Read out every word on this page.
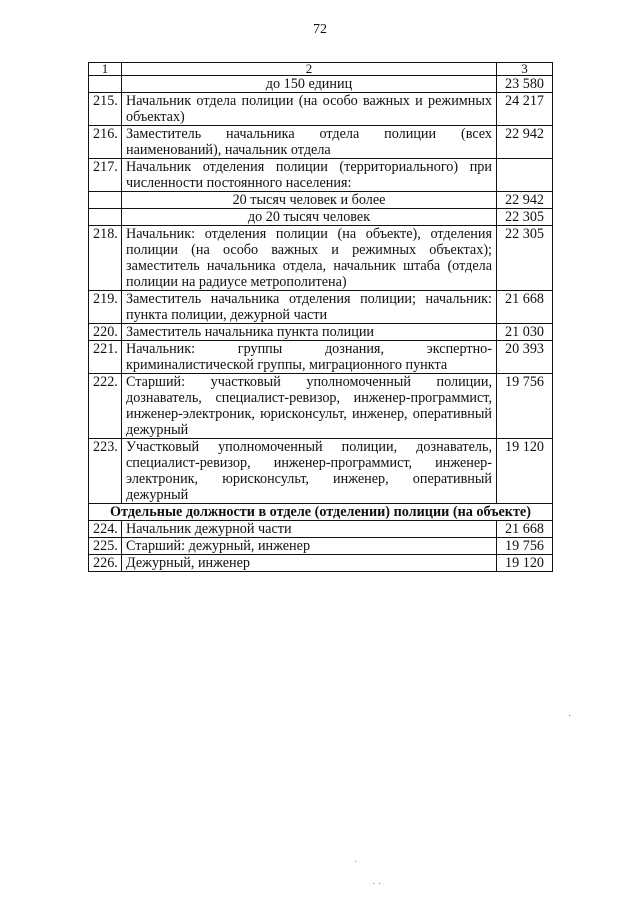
72
1	2	3
	до 150 единиц	23 580
215.	Начальник отдела полиции (на особо важных и режимных объектах)	24 217
216.	Заместитель начальника отдела полиции (всех наименований), начальник отдела	22 942
217.	Начальник отделения полиции (территориального) при численности постоянного населения:	
	20 тысяч человек и более	22 942
	до 20 тысяч человек	22 305
218.	Начальник: отделения полиции (на объекте), отделения полиции (на особо важных и режимных объектах); заместитель начальника отдела, начальник штаба (отдела полиции на радиусе метрополитена)	22 305
219.	Заместитель начальника отделения полиции; начальник: пункта полиции, дежурной части	21 668
220.	Заместитель начальника пункта полиции	21 030
221.	Начальник: группы дознания, экспертно-криминалистической группы, миграционного пункта	20 393
222.	Старший: участковый уполномоченный полиции, дознаватель, специалист-ревизор, инженер-программист, инженер-электроник, юрисконсульт, инженер, оперативный дежурный	19 756
223.	Участковый уполномоченный полиции, дознаватель, специалист-ревизор, инженер-программист, инженер-электроник, юрисконсульт, инженер, оперативный дежурный	19 120
Отдельные должности в отделе (отделении) полиции (на объекте)		
224.	Начальник дежурной части	21 668
225.	Старший: дежурный, инженер	19 756
226.	Дежурный, инженер	19 120
·
·
· ·
